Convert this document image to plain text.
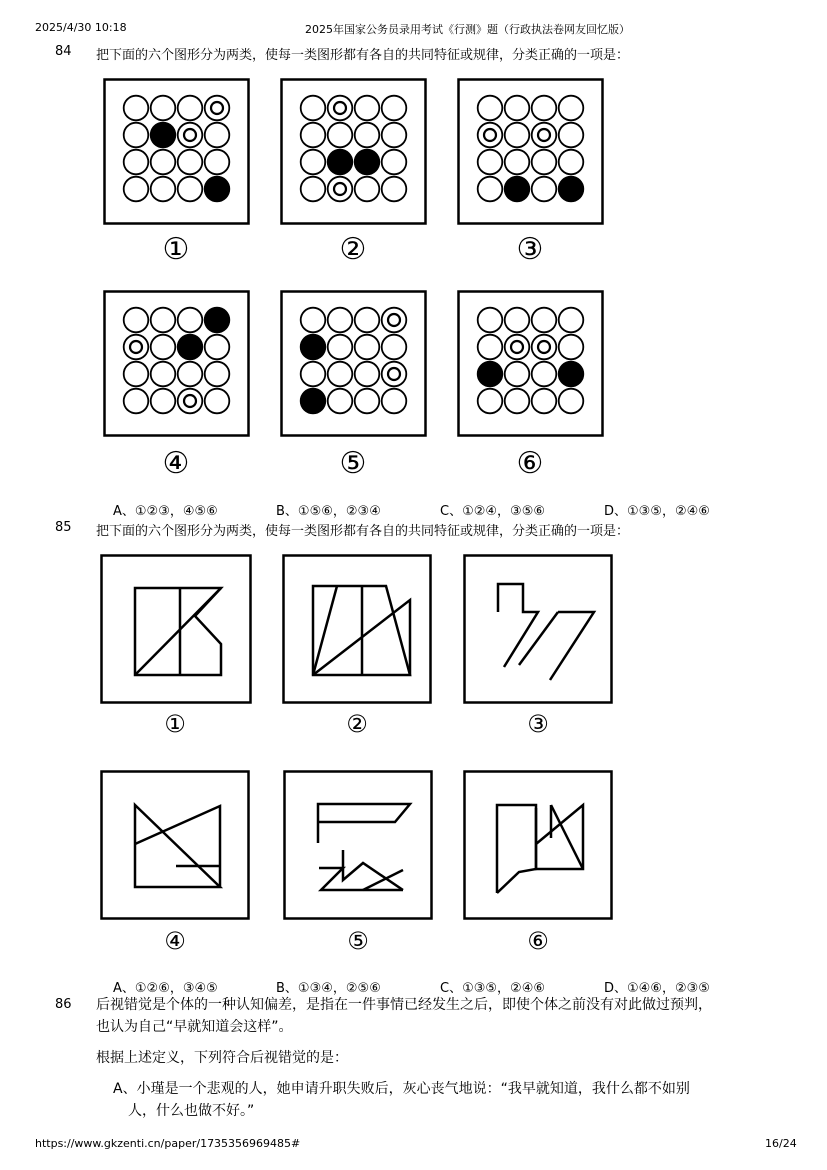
2025/4/30 10:18	2025年国家公务员录用考试《行测》题（行政执法卷网友回忆版）
84 把下面的六个图形分为两类，使每一类图形都有各自的共同特征或规律，分类正确的一项是：
①	②	③
④	⑤	⑥
A、①②③，④⑤⑥	B、①⑤⑥，②③④	C、①②④，③⑤⑥	D、①③⑤，②④⑥
85 把下面的六个图形分为两类，使每一类图形都有各自的共同特征或规律，分类正确的一项是：
①	②	③
④	⑤	⑥
A、①②⑥，③④⑤	B、①③④，②⑤⑥	C、①③⑤，②④⑥	D、①④⑥，②③⑤
86 后视错觉是个体的一种认知偏差，是指在一件事情已经发生之后，即使个体之前没有对此做过预判，
也认为自己“早就知道会这样”。
根据上述定义，下列符合后视错觉的是：
A、小瑾是一个悲观的人，她申请升职失败后，灰心丧气地说：“我早就知道，我什么都不如别
人，什么也做不好。”
https://www.gkzenti.cn/paper/1735356969485#	16/24
